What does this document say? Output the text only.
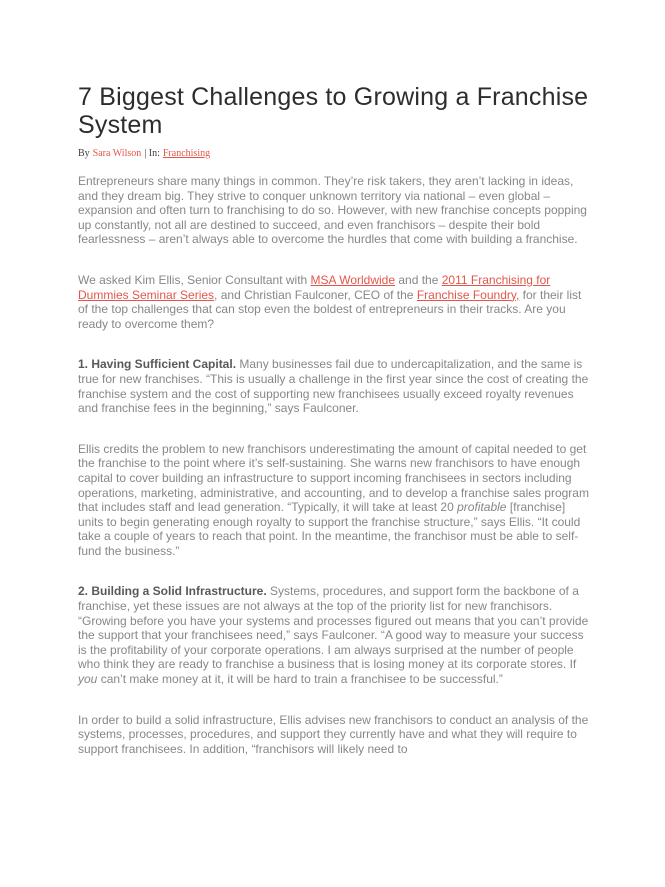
7 Biggest Challenges to Growing a Franchise System
By Sara Wilson | In: Franchising

Entrepreneurs share many things in common. They’re risk takers, they aren’t lacking in ideas, and they dream big. They strive to conquer unknown territory via national – even global – expansion and often turn to franchising to do so. However, with new franchise concepts popping up constantly, not all are destined to succeed, and even franchisors – despite their bold fearlessness – aren’t always able to overcome the hurdles that come with building a franchise.

We asked Kim Ellis, Senior Consultant with MSA Worldwide and the 2011 Franchising for Dummies Seminar Series, and Christian Faulconer, CEO of the Franchise Foundry, for their list of the top challenges that can stop even the boldest of entrepreneurs in their tracks. Are you ready to overcome them?

1. Having Sufficient Capital. Many businesses fail due to undercapitalization, and the same is true for new franchises. “This is usually a challenge in the first year since the cost of creating the franchise system and the cost of supporting new franchisees usually exceed royalty revenues and franchise fees in the beginning,” says Faulconer.

Ellis credits the problem to new franchisors underestimating the amount of capital needed to get the franchise to the point where it’s self-sustaining. She warns new franchisors to have enough capital to cover building an infrastructure to support incoming franchisees in sectors including operations, marketing, administrative, and accounting, and to develop a franchise sales program that includes staff and lead generation. “Typically, it will take at least 20 profitable [franchise] units to begin generating enough royalty to support the franchise structure,” says Ellis. “It could take a couple of years to reach that point. In the meantime, the franchisor must be able to self-fund the business.”

2. Building a Solid Infrastructure. Systems, procedures, and support form the backbone of a franchise, yet these issues are not always at the top of the priority list for new franchisors. “Growing before you have your systems and processes figured out means that you can’t provide the support that your franchisees need,” says Faulconer. “A good way to measure your success is the profitability of your corporate operations. I am always surprised at the number of people who think they are ready to franchise a business that is losing money at its corporate stores. If you can’t make money at it, it will be hard to train a franchisee to be successful.”

In order to build a solid infrastructure, Ellis advises new franchisors to conduct an analysis of the systems, processes, procedures, and support they currently have and what they will require to support franchisees. In addition, “franchisors will likely need to
